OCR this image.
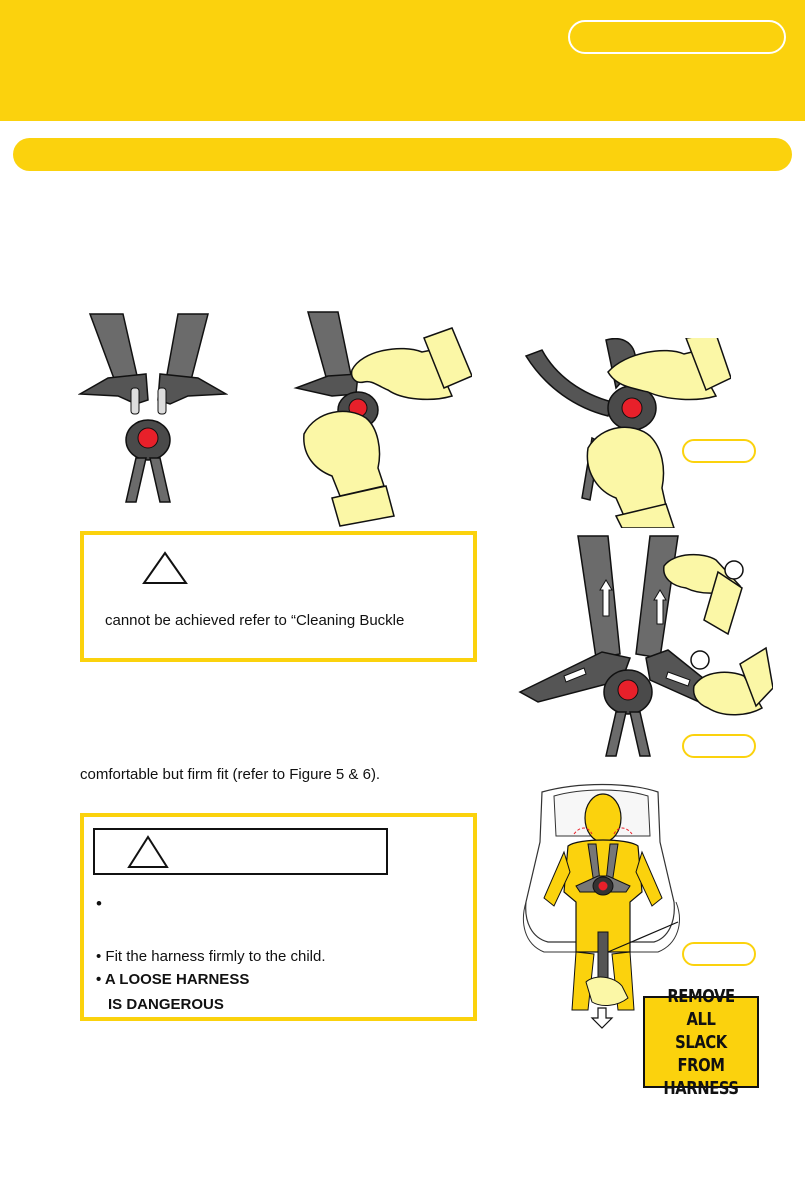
cannot be achieved refer to “Cleaning Buckle

comfortable but firm fit (refer to Figure 5 & 6).

•

• Fit the harness firmly to the child.

• A LOOSE HARNESS

IS DANGEROUS	REMOVE ALL
SLACK FROM
HARNESS
